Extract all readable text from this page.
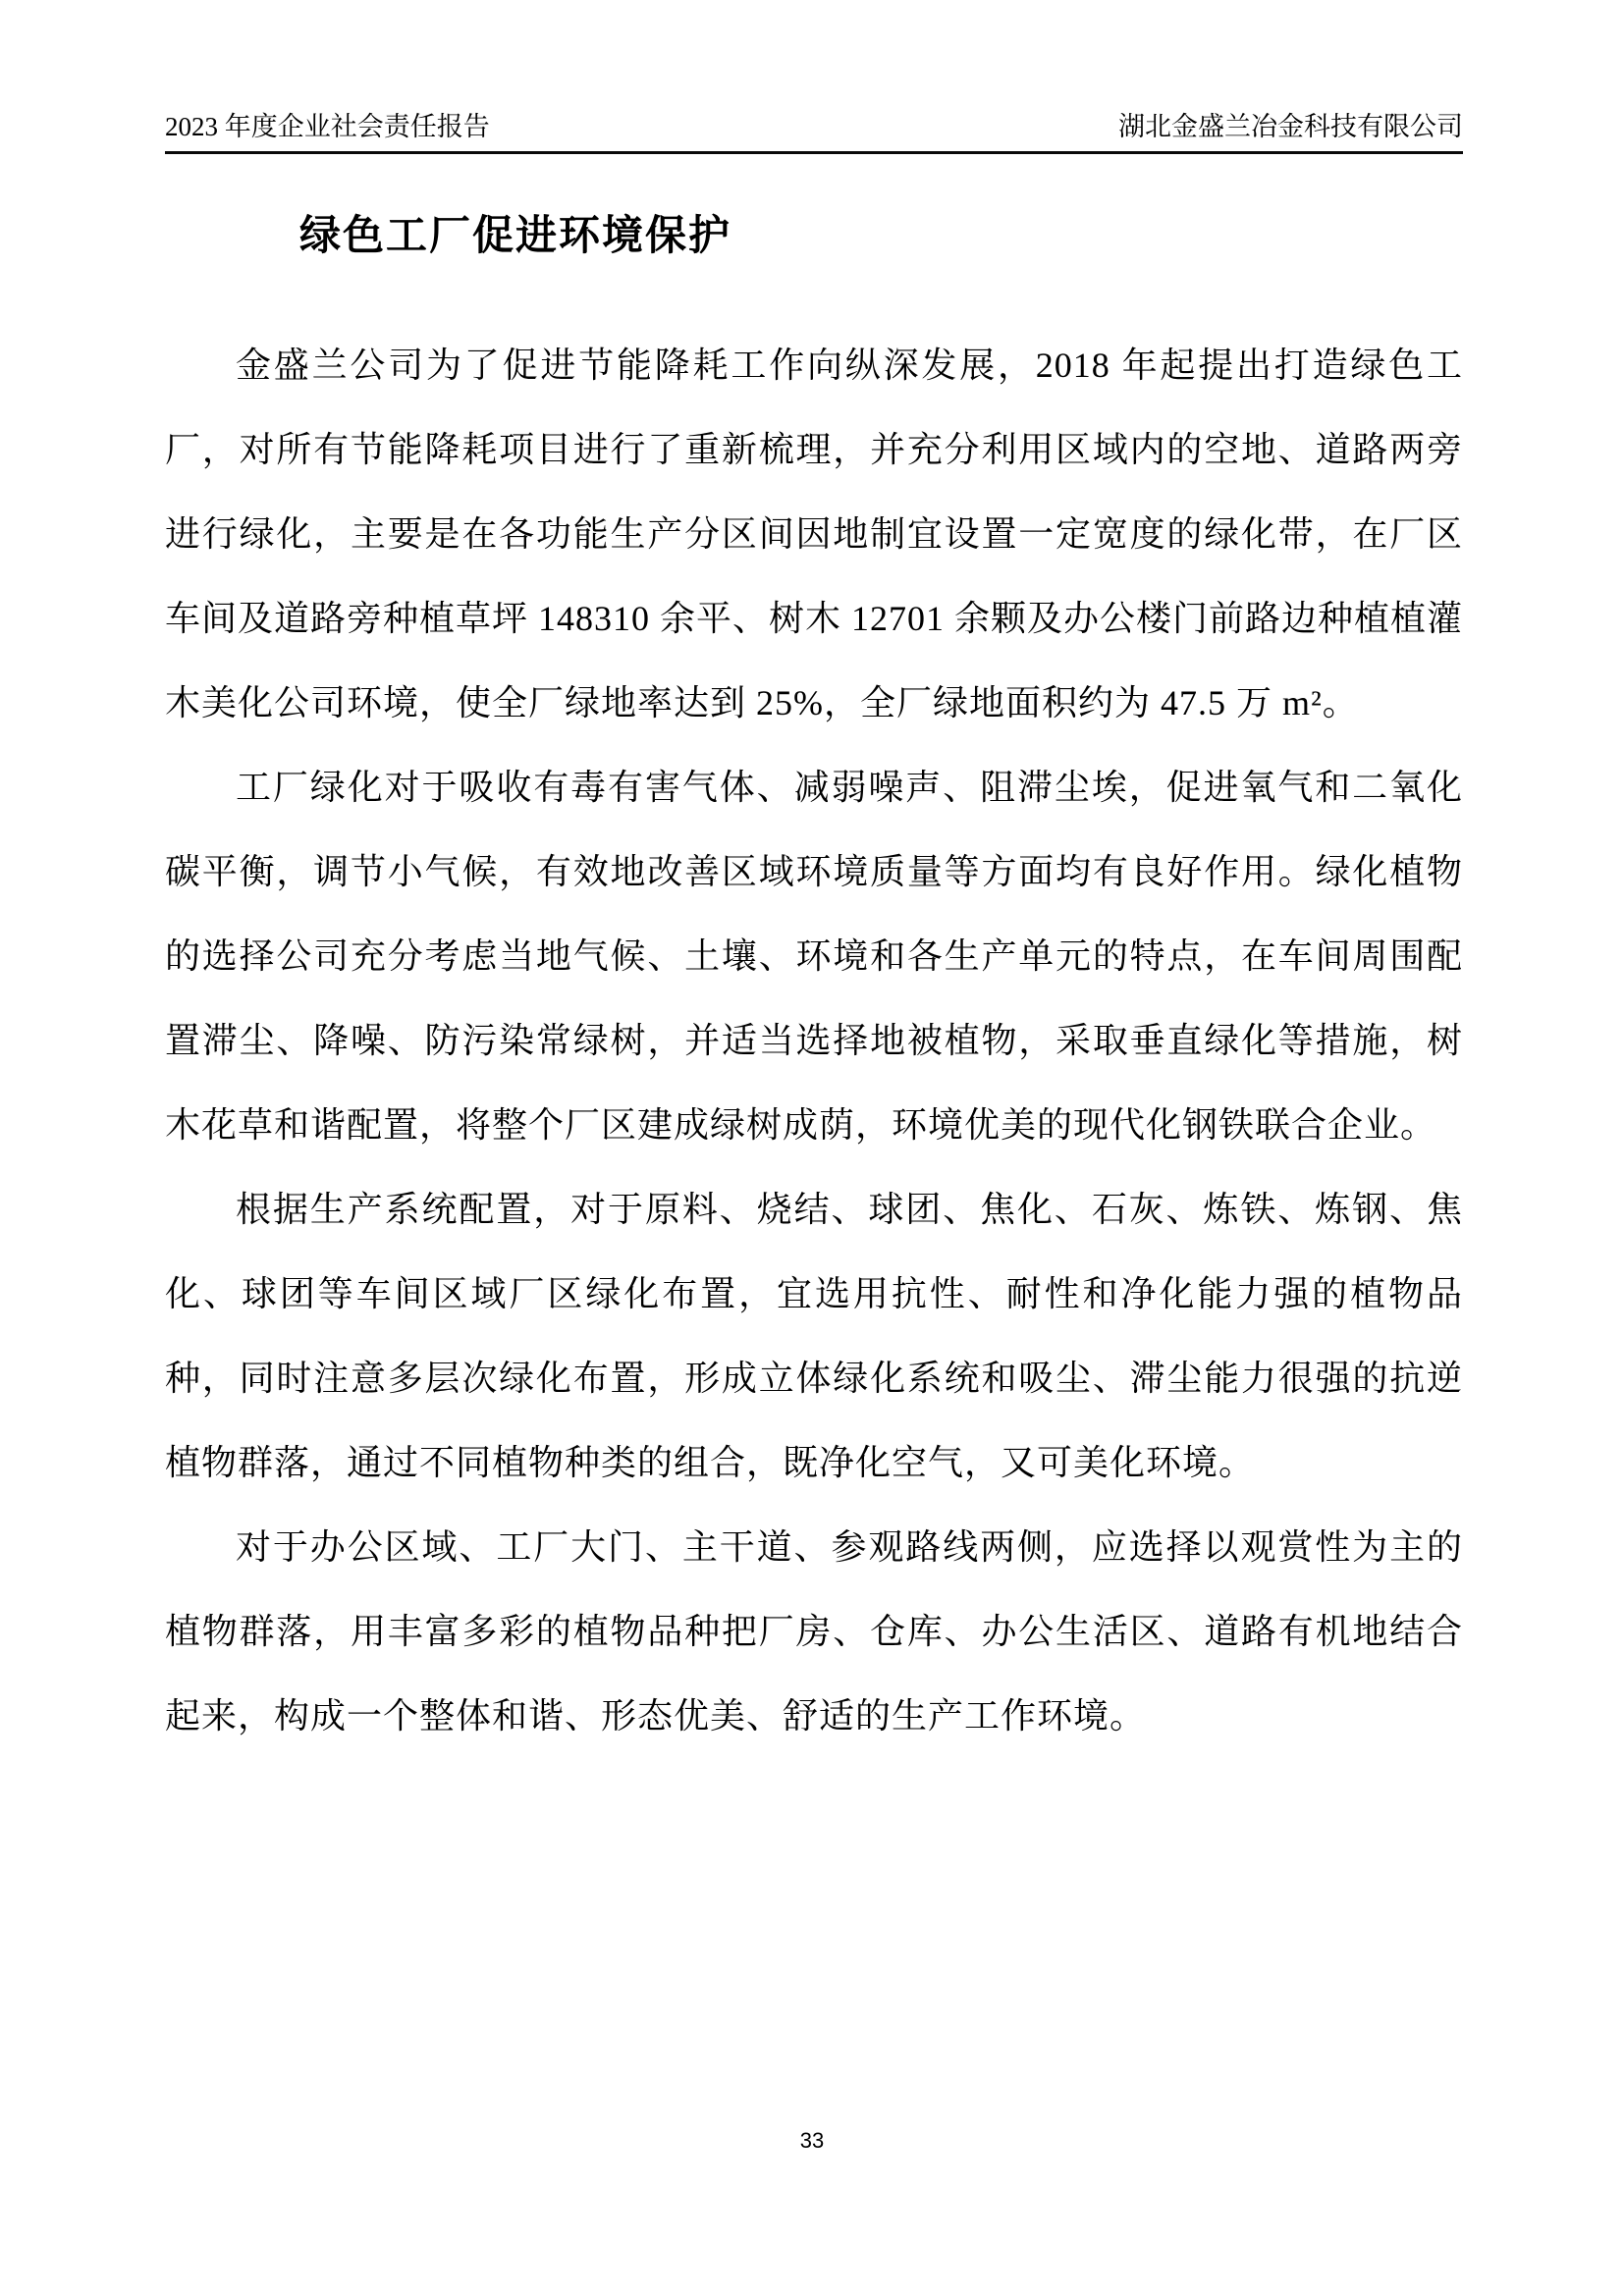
2023 年度企业社会责任报告	湖北金盛兰冶金科技有限公司
绿色工厂促进环境保护

金盛兰公司为了促进节能降耗工作向纵深发展，2018 年起提出打造绿色工厂，对所有节能降耗项目进行了重新梳理，并充分利用区域内的空地、道路两旁进行绿化，主要是在各功能生产分区间因地制宜设置一定宽度的绿化带，在厂区车间及道路旁种植草坪 148310 余平、树木 12701 余颗及办公楼门前路边种植植灌木美化公司环境，使全厂绿地率达到 25%，全厂绿地面积约为 47.5 万 m²。

工厂绿化对于吸收有毒有害气体、减弱噪声、阻滞尘埃，促进氧气和二氧化碳平衡，调节小气候，有效地改善区域环境质量等方面均有良好作用。绿化植物的选择公司充分考虑当地气候、土壤、环境和各生产单元的特点，在车间周围配置滞尘、降噪、防污染常绿树，并适当选择地被植物，采取垂直绿化等措施，树木花草和谐配置，将整个厂区建成绿树成荫，环境优美的现代化钢铁联合企业。

根据生产系统配置，对于原料、烧结、球团、焦化、石灰、炼铁、炼钢、焦化、球团等车间区域厂区绿化布置，宜选用抗性、耐性和净化能力强的植物品种，同时注意多层次绿化布置，形成立体绿化系统和吸尘、滞尘能力很强的抗逆植物群落，通过不同植物种类的组合，既净化空气，又可美化环境。

对于办公区域、工厂大门、主干道、参观路线两侧，应选择以观赏性为主的植物群落，用丰富多彩的植物品种把厂房、仓库、办公生活区、道路有机地结合起来，构成一个整体和谐、形态优美、舒适的生产工作环境。

33
